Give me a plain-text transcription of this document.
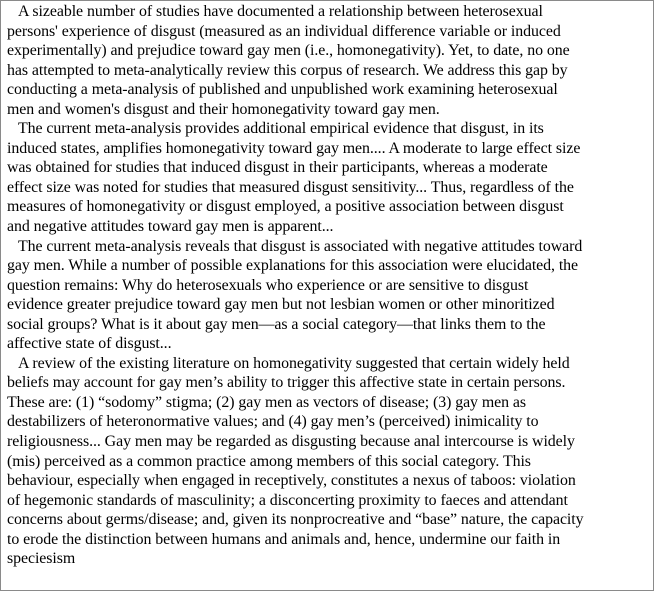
A sizeable number of studies have documented a relationship between heterosexual
persons' experience of disgust (measured as an individual difference variable or induced
experimentally) and prejudice toward gay men (i.e., homonegativity). Yet, to date, no one
has attempted to meta-analytically review this corpus of research. We address this gap by
conducting a meta-analysis of published and unpublished work examining heterosexual
men and women's disgust and their homonegativity toward gay men.
The current meta-analysis provides additional empirical evidence that disgust, in its
induced states, amplifies homonegativity toward gay men.... A moderate to large effect size
was obtained for studies that induced disgust in their participants, whereas a moderate
effect size was noted for studies that measured disgust sensitivity... Thus, regardless of the
measures of homonegativity or disgust employed, a positive association between disgust
and negative attitudes toward gay men is apparent...
The current meta-analysis reveals that disgust is associated with negative attitudes toward
gay men. While a number of possible explanations for this association were elucidated, the
question remains: Why do heterosexuals who experience or are sensitive to disgust
evidence greater prejudice toward gay men but not lesbian women or other minoritized
social groups? What is it about gay men—as a social category—that links them to the
affective state of disgust...
A review of the existing literature on homonegativity suggested that certain widely held
beliefs may account for gay men’s ability to trigger this affective state in certain persons.
These are: (1) “sodomy” stigma; (2) gay men as vectors of disease; (3) gay men as
destabilizers of heteronormative values; and (4) gay men’s (perceived) inimicality to
religiousness... Gay men may be regarded as disgusting because anal intercourse is widely
(mis) perceived as a common practice among members of this social category. This
behaviour, especially when engaged in receptively, constitutes a nexus of taboos: violation
of hegemonic standards of masculinity; a disconcerting proximity to faeces and attendant
concerns about germs/disease; and, given its nonprocreative and “base” nature, the capacity
to erode the distinction between humans and animals and, hence, undermine our faith in
speciesism
